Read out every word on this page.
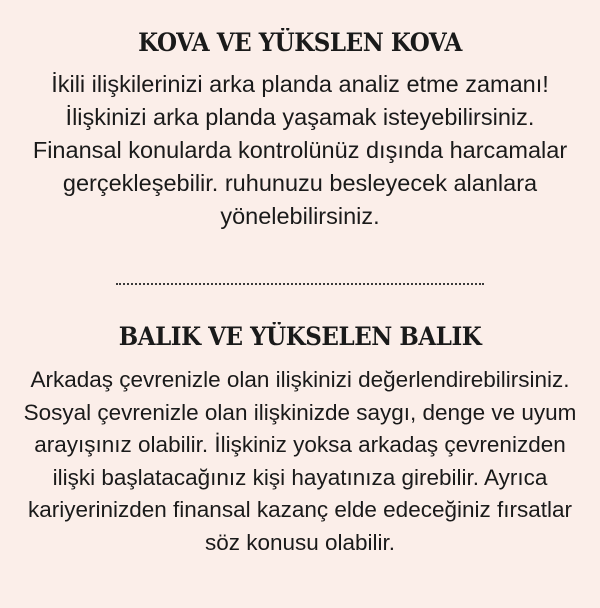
KOVA VE YÜKSLEN KOVA

İkili ilişkilerinizi arka planda analiz etme zamanı! İlişkinizi arka planda yaşamak isteyebilirsiniz. Finansal konularda kontrolünüz dışında harcamalar gerçekleşebilir. ruhunuzu besleyecek alanlara yönelebilirsiniz.

BALIK VE YÜKSELEN BALIK

Arkadaş çevrenizle olan ilişkinizi değerlendirebilirsiniz. Sosyal çevrenizle olan ilişkinizde saygı, denge ve uyum arayışınız olabilir. İlişkiniz yoksa arkadaş çevrenizden ilişki başlatacağınız kişi hayatınıza girebilir. Ayrıca kariyerinizden finansal kazanç elde edeceğiniz fırsatlar söz konusu olabilir.
